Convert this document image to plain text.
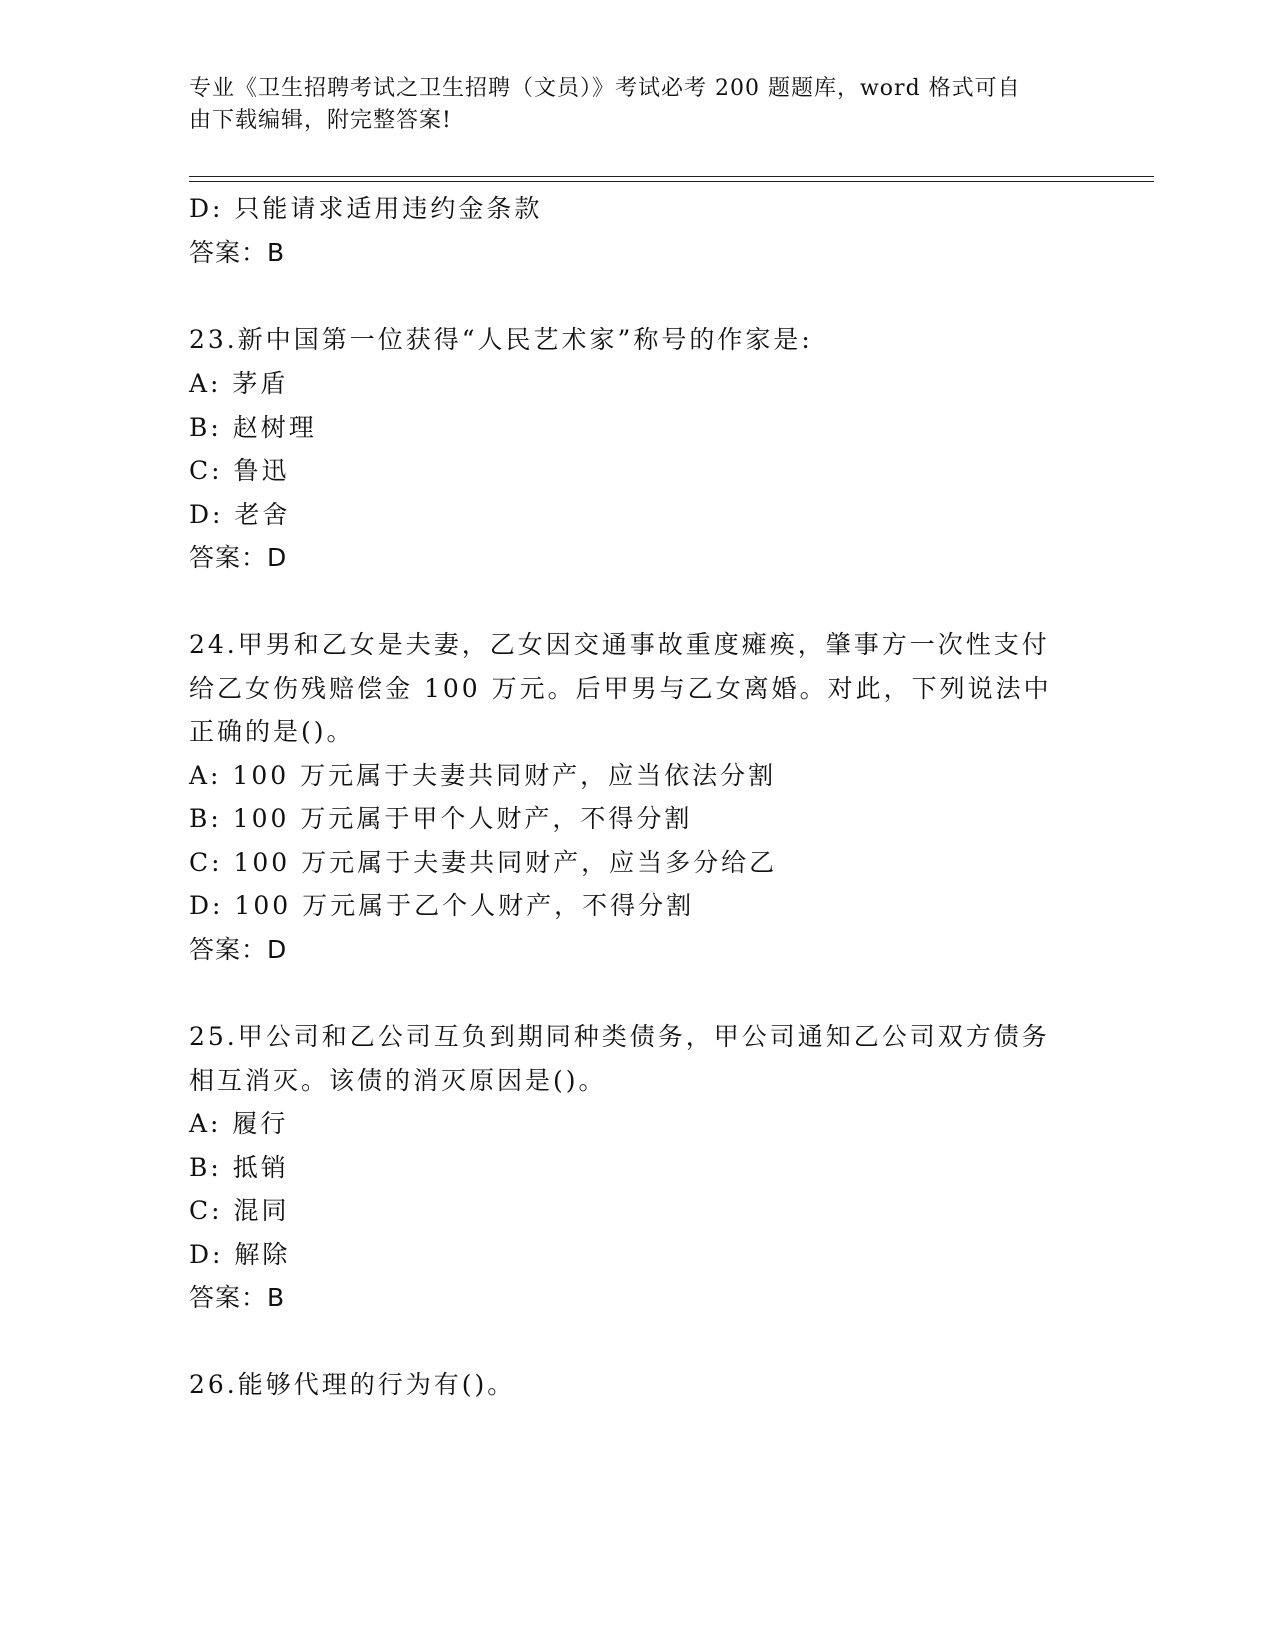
专业《卫生招聘考试之卫生招聘（文员）》考试必考 200 题题库，word 格式可自
由下载编辑，附完整答案!
D: 只能请求适用违约金条款
答案：B
23.新中国第一位获得“人民艺术家”称号的作家是:
A: 茅盾
B: 赵树理
C: 鲁迅
D: 老舍
答案：D
24.甲男和乙女是夫妻，乙女因交通事故重度瘫痪，肇事方一次性支付
给乙女伤残赔偿金 100 万元。后甲男与乙女离婚。对此，下列说法中
正确的是()。
A: 100 万元属于夫妻共同财产，应当依法分割
B: 100 万元属于甲个人财产，不得分割
C: 100 万元属于夫妻共同财产，应当多分给乙
D: 100 万元属于乙个人财产，不得分割
答案：D
25.甲公司和乙公司互负到期同种类债务，甲公司通知乙公司双方债务
相互消灭。该债的消灭原因是()。
A: 履行
B: 抵销
C: 混同
D: 解除
答案：B
26.能够代理的行为有()。
